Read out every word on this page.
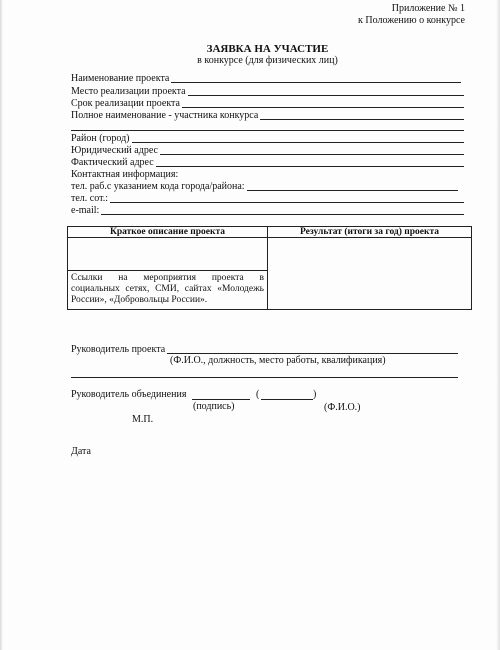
Приложение № 1
к Положению о конкурсе
ЗАЯВКА НА УЧАСТИЕ
в конкурсе (для физических лиц)
Наименование проекта
Место реализации проекта
Срок реализации проекта
Полное наименование - участника конкурса
Район (город)
Юридический адрес
Фактический адрес
Контактная информация:
тел. раб.с указанием кода города/района:
тел. сот.:
e-mail:
Краткое описание проекта	Результат (итоги за год) проекта

Ссылки на мероприятия проекта в
социальных сетях, СМИ, сайтах «Молодежь
России», «Добровольцы России».	
Руководитель проекта
(Ф.И.О., должность, место работы, квалификация)
Руководитель объединения	(	)
(подпись)	(Ф.И.О.)
М.П.
Дата
